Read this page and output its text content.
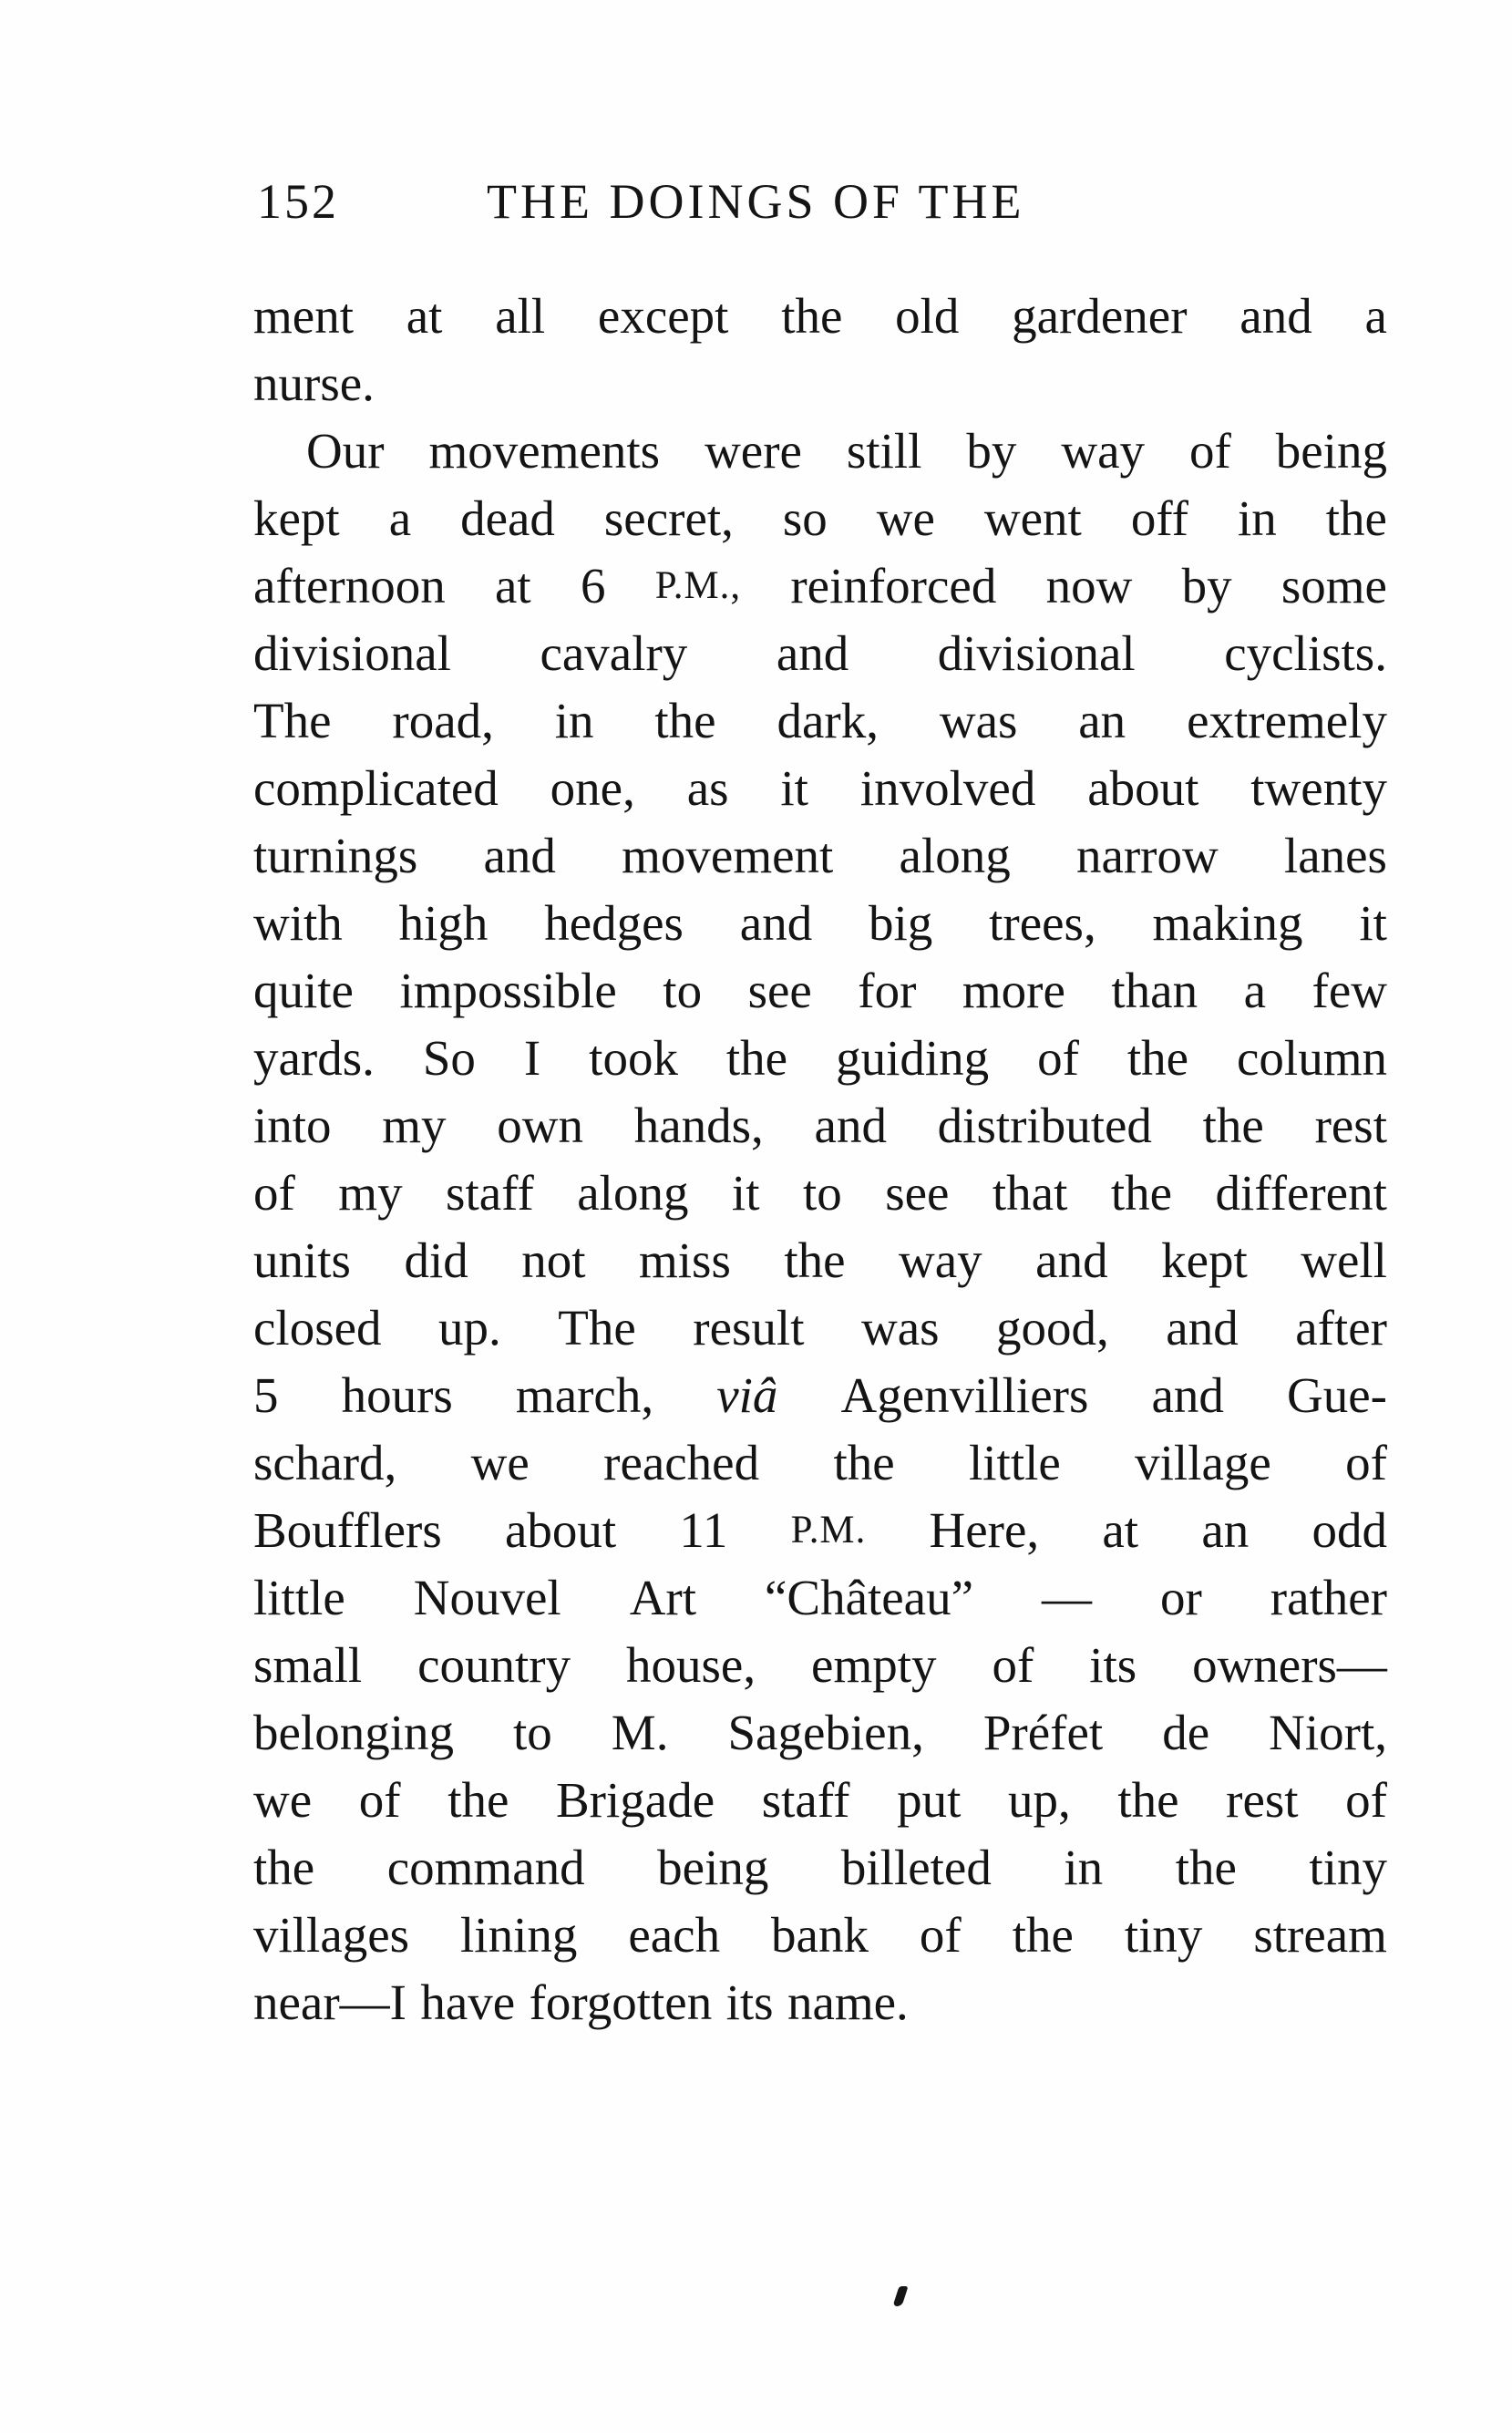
152	THE DOINGS OF THE
ment at all except the old gardener and a
nurse.
Our movements were still by way of being
kept a dead secret, so we went off in the
afternoon at 6 P.M., reinforced now by some
divisional cavalry and divisional cyclists.
The road, in the dark, was an extremely
complicated one, as it involved about twenty
turnings and movement along narrow lanes
with high hedges and big trees, making it
quite impossible to see for more than a few
yards. So I took the guiding of the column
into my own hands, and distributed the rest
of my staff along it to see that the different
units did not miss the way and kept well
closed up. The result was good, and after
5 hours march, viâ Agenvilliers and Gue-
schard, we reached the little village of
Boufflers about 11 P.M. Here, at an odd
little Nouvel Art “Château” — or rather
small country house, empty of its owners—
belonging to M. Sagebien, Préfet de Niort,
we of the Brigade staff put up, the rest of
the command being billeted in the tiny
villages lining each bank of the tiny stream
near—I have forgotten its name.
